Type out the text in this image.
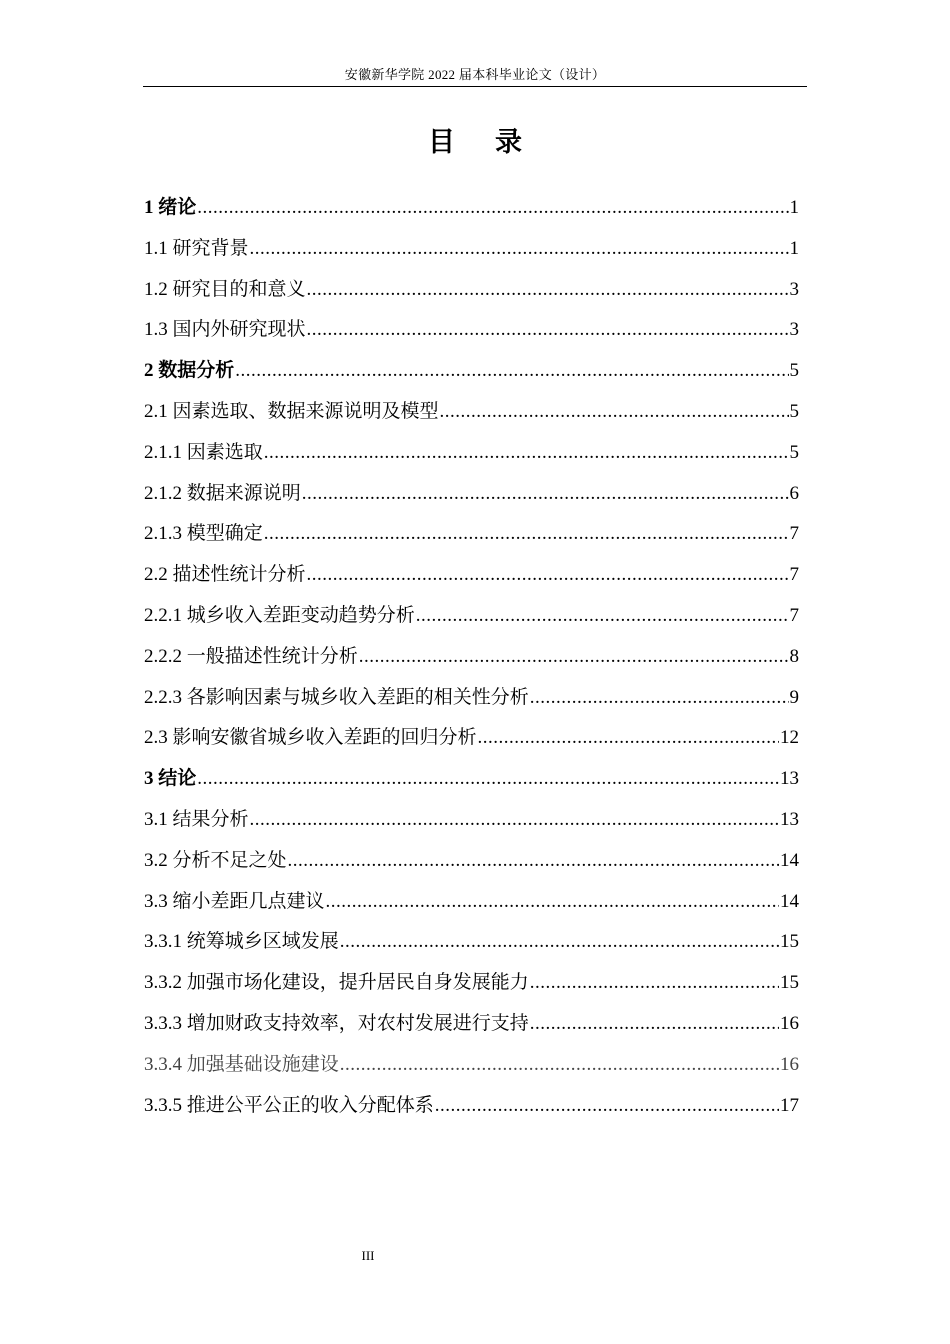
安徽新华学院 2022 届本科毕业论文（设计）
目 录
1 绪论 .....	1
1.1 研究背景 .....	1
1.2 研究目的和意义 .....	3
1.3 国内外研究现状 .....	3
2 数据分析 .....	5
2.1 因素选取、数据来源说明及模型 .....	5
2.1.1 因素选取 .....	5
2.1.2 数据来源说明 .....	6
2.1.3 模型确定 .....	7
2.2 描述性统计分析 .....	7
2.2.1 城乡收入差距变动趋势分析 .....	7
2.2.2 一般描述性统计分析 .....	8
2.2.3 各影响因素与城乡收入差距的相关性分析 .....	9
2.3 影响安徽省城乡收入差距的回归分析 .....	12
3 结论 .....	13
3.1 结果分析 .....	13
3.2 分析不足之处 .....	14
3.3 缩小差距几点建议 .....	14
3.3.1 统筹城乡区域发展 .....	15
3.3.2 加强市场化建设，提升居民自身发展能力 .....	15
3.3.3 增加财政支持效率，对农村发展进行支持 .....	16
3.3.4 加强基础设施建设 .....	16
3.3.5 推进公平公正的收入分配体系 .....	17
III
